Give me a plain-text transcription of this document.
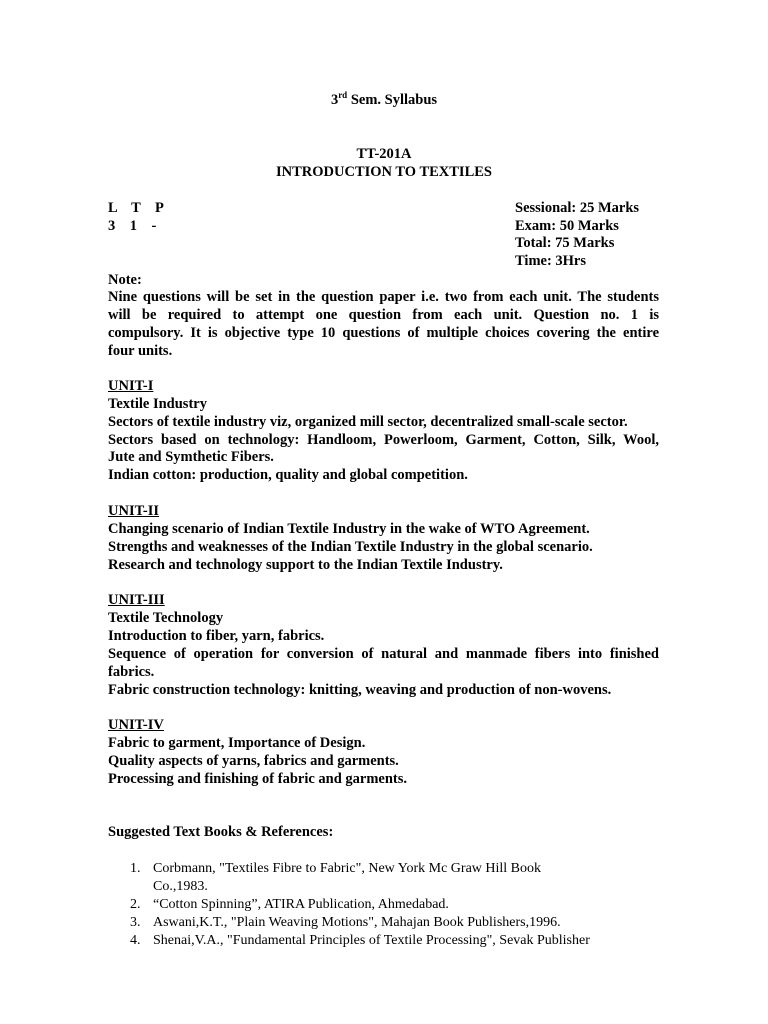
3rd Sem. Syllabus
TT-201A
INTRODUCTION TO TEXTILES
L    T    P
3    1    -
Sessional: 25 Marks
Exam: 50 Marks
Total: 75 Marks
Time: 3Hrs
Note:
Nine questions will be set in the question paper i.e. two from each unit. The students
will be required to attempt one question from each unit. Question no. 1 is
compulsory. It is objective type 10 questions of multiple choices covering the entire
four units.
UNIT-I
Textile Industry
Sectors of textile industry viz, organized mill sector, decentralized small-scale sector.
Sectors based on technology: Handloom, Powerloom, Garment, Cotton, Silk, Wool,
Jute and Symthetic Fibers.
Indian cotton: production, quality and global competition.
UNIT-II
Changing scenario of Indian Textile Industry in the wake of WTO Agreement.
Strengths and weaknesses of the Indian Textile Industry in the global scenario.
Research and technology support to the Indian Textile Industry.
UNIT-III
Textile Technology
Introduction to fiber, yarn, fabrics.
Sequence of operation for conversion of natural and manmade fibers into finished
fabrics.
Fabric construction technology: knitting, weaving and production of non-wovens.
UNIT-IV
Fabric to garment, Importance of Design.
Quality aspects of yarns, fabrics and garments.
Processing and finishing of fabric and garments.
Suggested Text Books & References:
1. Corbmann, "Textiles Fibre to Fabric", New York Mc Graw Hill Book
Co.,1983.
2. “Cotton Spinning”, ATIRA Publication, Ahmedabad.
3. Aswani,K.T., "Plain Weaving Motions", Mahajan Book Publishers,1996.
4. Shenai,V.A., "Fundamental Principles of Textile Processing", Sevak Publisher
